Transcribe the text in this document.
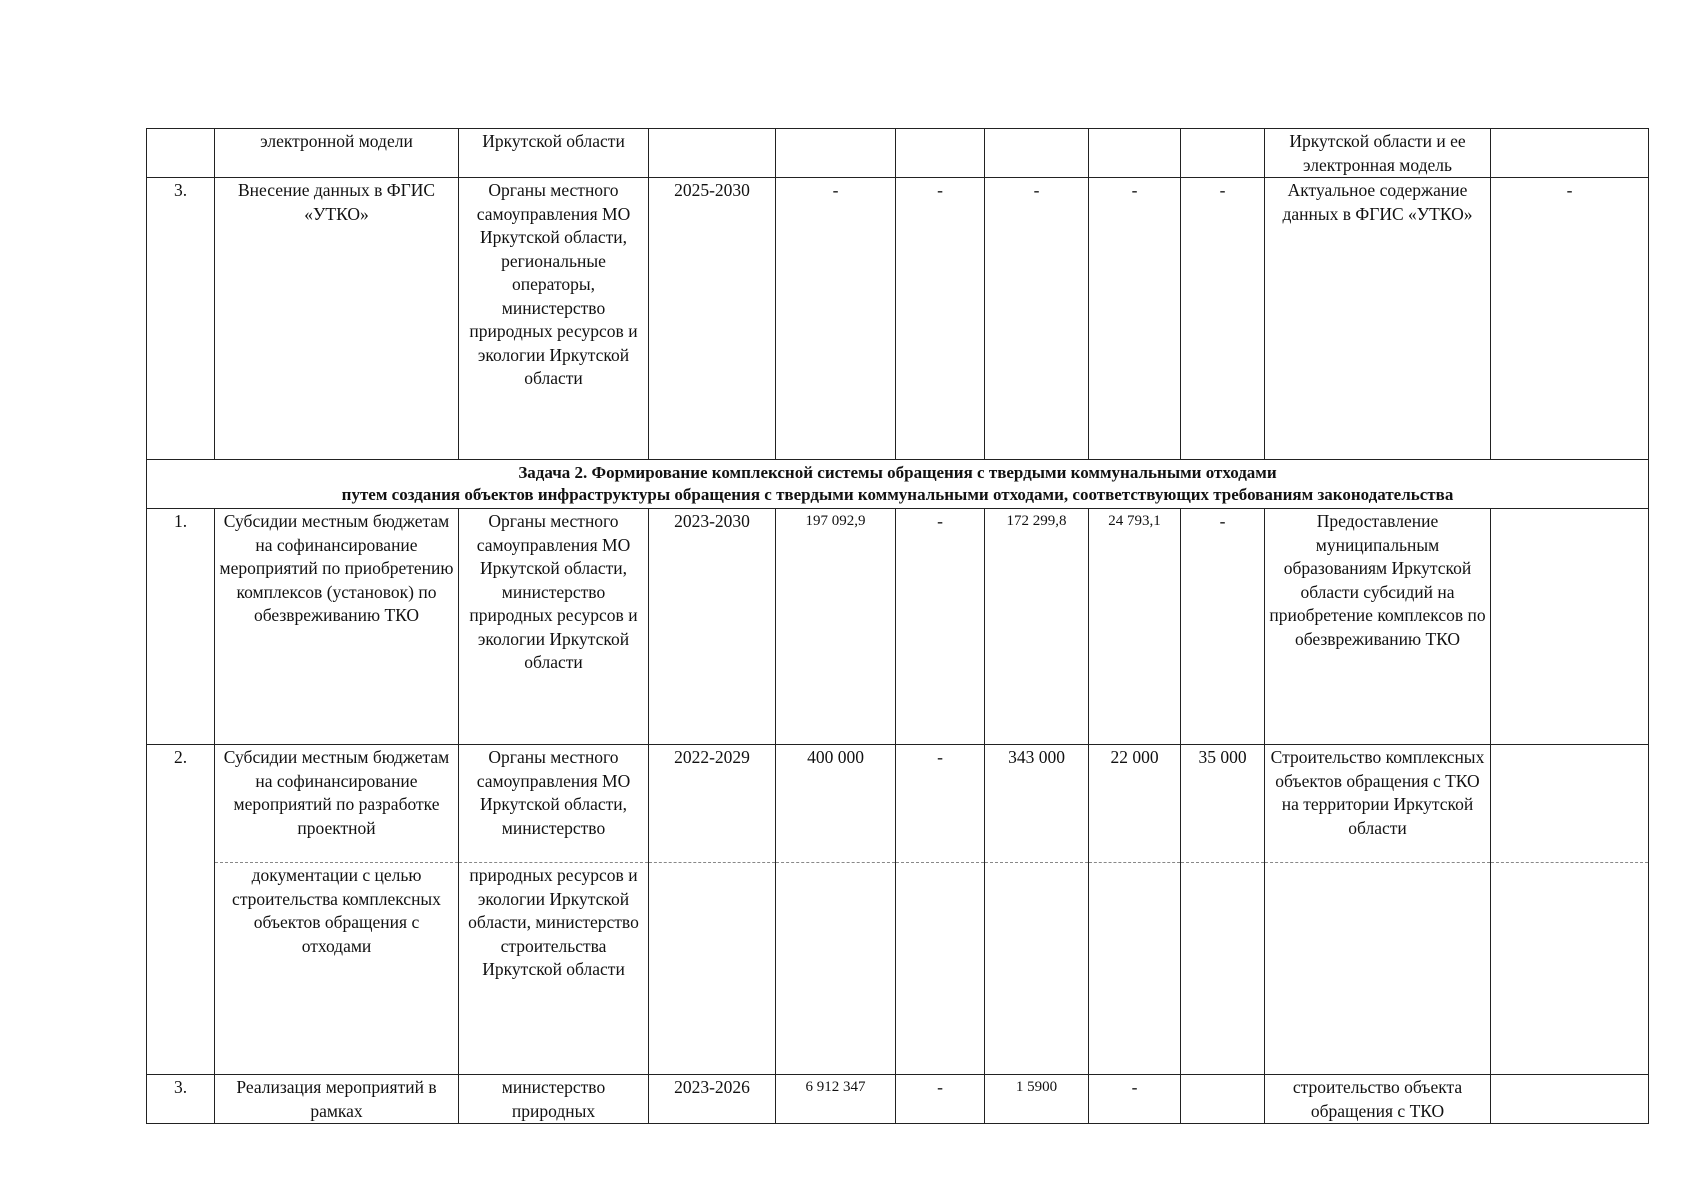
	электронной модели	Иркутской области							Иркутской области и ее электронная модель	
3.	Внесение данных в ФГИС «УТКО»	Органы местного самоуправления МО Иркутской области, региональные операторы, министерство природных ресурсов и экологии Иркутской области	2025-2030	-	-	-	-	-	Актуальное содержание данных в ФГИС «УТКО»	-

Задача 2. Формирование комплексной системы обращения с твердыми коммунальными отходами
путем создания объектов инфраструктуры обращения с твердыми коммунальными отходами, соответствующих требованиям законодательства										

1.	Субсидии местным бюджетам на софинансирование мероприятий по приобретению комплексов (установок) по обезвреживанию ТКО	Органы местного самоуправления МО Иркутской области, министерство природных ресурсов и экологии Иркутской области	2023-2030	197 092,9	-	172 299,8	24 793,1	-	Предоставление муниципальным образованиям Иркутской области субсидий на приобретение комплексов по обезвреживанию ТКО	
2.	Субсидии местным бюджетам на софинансирование мероприятий по разработке проектной	Органы местного самоуправления МО Иркутской области, министерство	2022-2029	400 000	-	343 000	22 000	35 000	Строительство комплексных объектов обращения с ТКО на территории Иркутской области	
	документации с целью строительства комплексных объектов обращения с отходами	природных ресурсов и экологии Иркутской области, министерство строительства Иркутской области								
3.	Реализация мероприятий в рамках	министерство природных	2023-2026	6 912 347	-	1 5900	-		строительство объекта обращения с ТКО	
